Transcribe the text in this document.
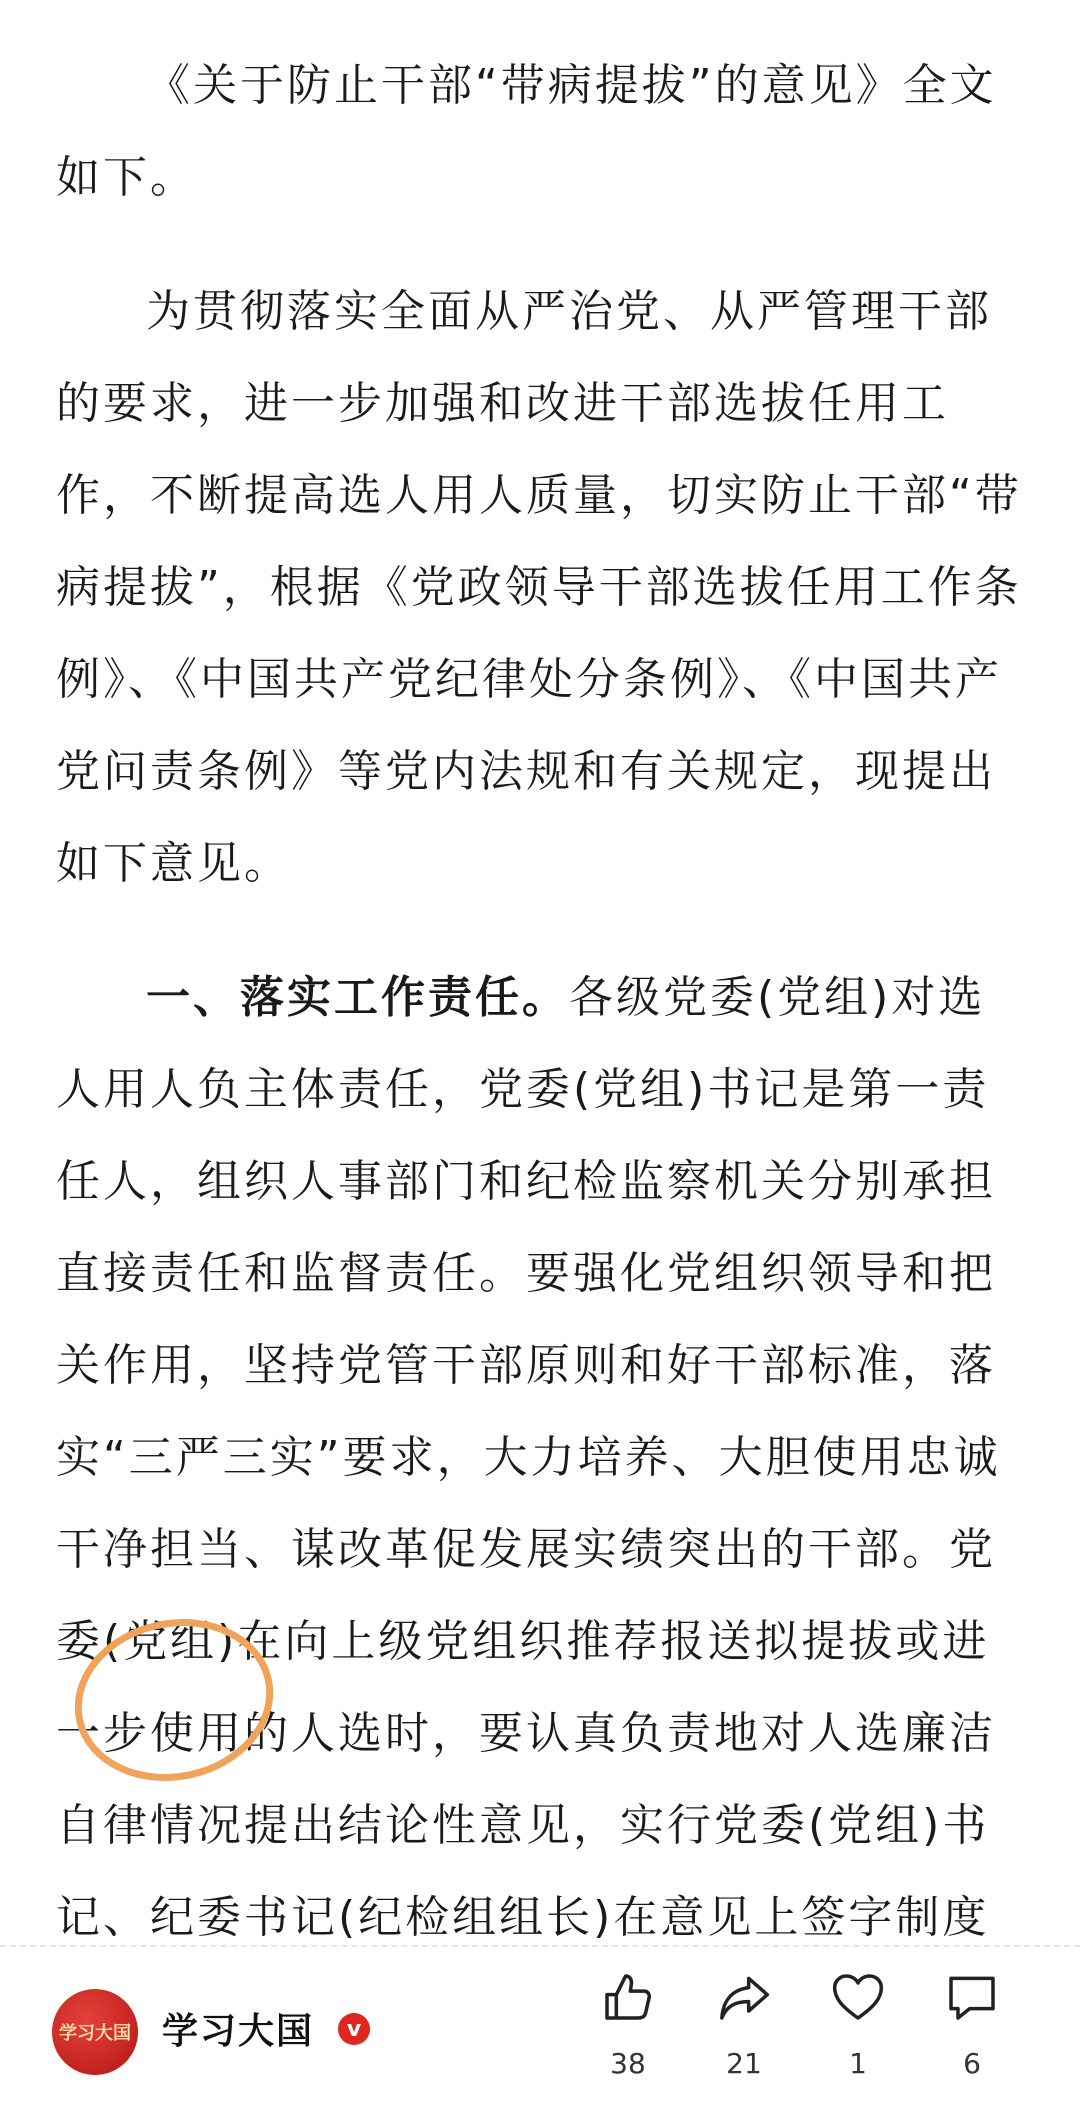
《关于防止干部“带病提拔”的意见》全文如下。

为贯彻落实全面从严治党、从严管理干部的要求，进一步加强和改进干部选拔任用工作，不断提高选人用人质量，切实防止干部“带病提拔”，根据《党政领导干部选拔任用工作条例》、《中国共产党纪律处分条例》、《中国共产党问责条例》等党内法规和有关规定，现提出如下意见。

一、落实工作责任。各级党委(党组)对选人用人负主体责任，党委(党组)书记是第一责任人，组织人事部门和纪检监察机关分别承担直接责任和监督责任。要强化党组织领导和把关作用，坚持党管干部原则和好干部标准，落实“三严三实”要求，大力培养、大胆使用忠诚干净担当、谋改革促发展实绩突出的干部。党委(党组)在向上级党组织推荐报送拟提拔或进一步使用的人选时，要认真负责地对人选廉洁自律情况提出结论性意见，实行党委(党组)书记、纪委书记(纪检组组长)在意见上签字制度

学习大国 学习大国	v
38	21	1	6
